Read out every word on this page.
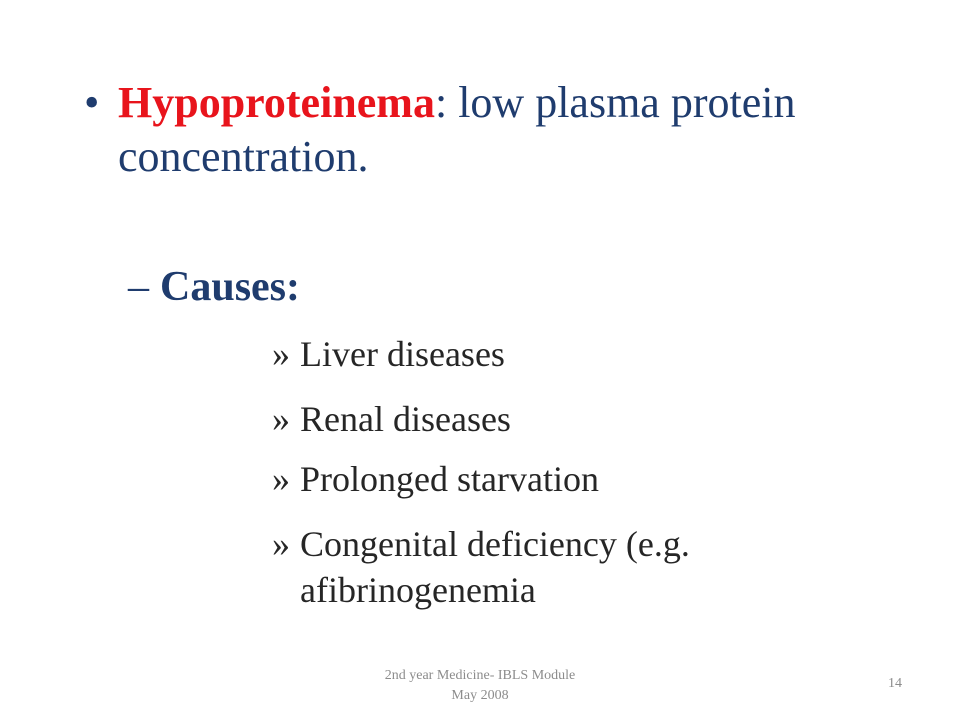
• Hypoproteinema: low plasma protein concentration.
– Causes:
» Liver diseases
» Renal diseases
» Prolonged starvation
» Congenital deficiency (e.g. afibrinogenemia
2nd year Medicine- IBLS Module
May 2008
14
